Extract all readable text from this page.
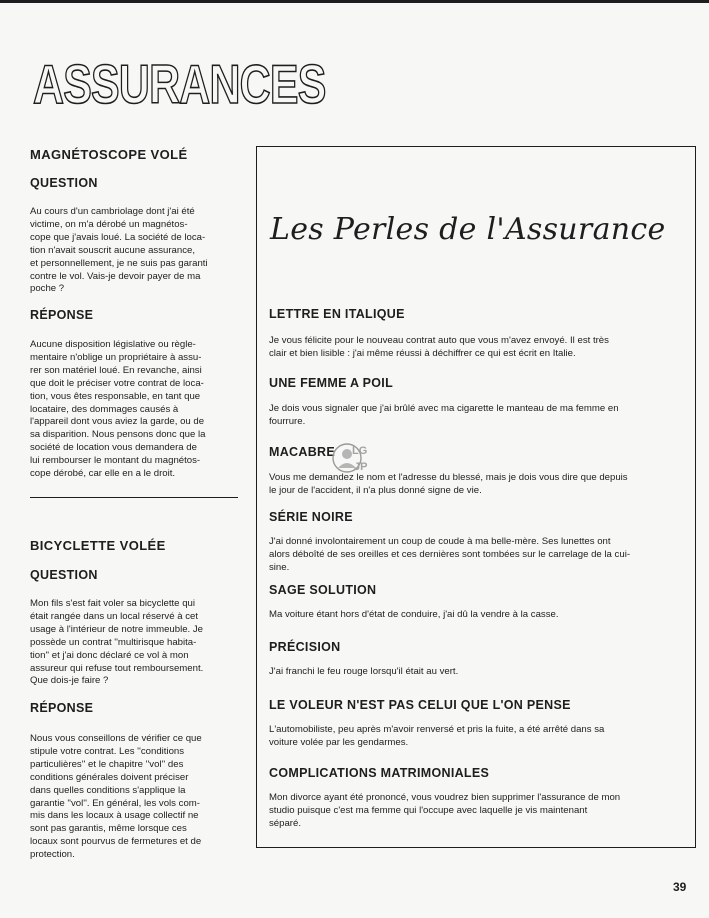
ASSURANCES

MAGNÉTOSCOPE VOLÉ

QUESTION

Au cours d'un cambriolage dont j'ai été

victime, on m'a dérobé un magnétos-

cope que j'avais loué. La société de loca-

tion n'avait souscrit aucune assurance,

et personnellement, je ne suis pas garanti

contre le vol. Vais-je devoir payer de ma

poche ?

RÉPONSE

Aucune disposition législative ou règle-

mentaire n'oblige un propriétaire à assu-

rer son matériel loué. En revanche, ainsi

que doit le préciser votre contrat de loca-

tion, vous êtes responsable, en tant que

locataire, des dommages causés à

l'appareil dont vous aviez la garde, ou de

sa disparition. Nous pensons donc que la

société de location vous demandera de

lui rembourser le montant du magnétos-

cope dérobé, car elle en a le droit.

BICYCLETTE VOLÉE

QUESTION

Mon fils s'est fait voler sa bicyclette qui

était rangée dans un local réservé à cet

usage à l'intérieur de notre immeuble. Je

possède un contrat ''multirisque habita-

tion'' et j'ai donc déclaré ce vol à mon

assureur qui refuse tout remboursement.

Que dois-je faire ?

RÉPONSE

Nous vous conseillons de vérifier ce que

stipule votre contrat. Les ''conditions

particulières'' et le chapitre ''vol'' des

conditions générales doivent préciser

dans quelles conditions s'applique la

garantie ''vol''. En général, les vols com-

mis dans les locaux à usage collectif ne

sont pas garantis, même lorsque ces

locaux sont pourvus de fermetures et de

protection.

Les Perles de l'Assurance

LETTRE EN ITALIQUE

Je vous félicite pour le nouveau contrat auto que vous m'avez envoyé. Il est très

clair et bien lisible : j'ai même réussi à déchiffrer ce qui est écrit en Italie.

UNE FEMME A POIL

Je dois vous signaler que j'ai brûlé avec ma cigarette le manteau de ma femme en

fourrure.

MACABRE

Vous me demandez le nom et l'adresse du blessé, mais je dois vous dire que depuis

le jour de l'accident, il n'a plus donné signe de vie.

LG
JP

SÉRIE NOIRE

J'ai donné involontairement un coup de coude à ma belle-mère. Ses lunettes ont

alors déboîté de ses oreilles et ces dernières sont tombées sur le carrelage de la cui-

sine.

SAGE SOLUTION

Ma voiture étant hors d'état de conduire, j'ai dû la vendre à la casse.

PRÉCISION

J'ai franchi le feu rouge lorsqu'il était au vert.

LE VOLEUR N'EST PAS CELUI QUE L'ON PENSE

L'automobiliste, peu après m'avoir renversé et pris la fuite, a été arrêté dans sa

voiture volée par les gendarmes.

COMPLICATIONS MATRIMONIALES

Mon divorce ayant été prononcé, vous voudrez bien supprimer l'assurance de mon

studio puisque c'est ma femme qui l'occupe avec laquelle je vis maintenant

séparé.

39
